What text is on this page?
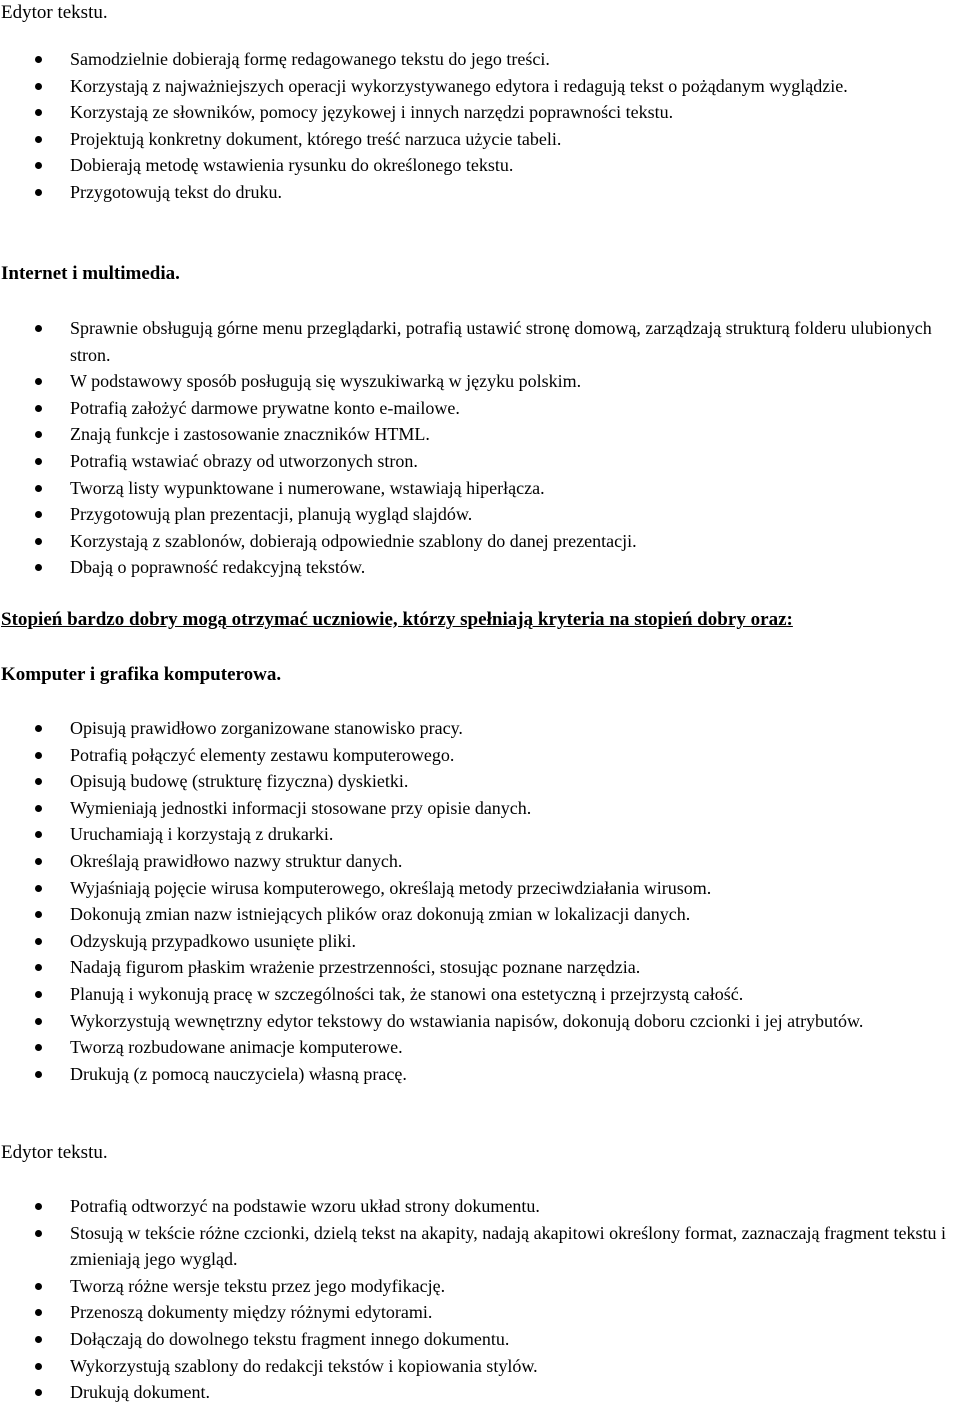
Edytor tekstu.
Samodzielnie dobierają formę redagowanego tekstu do jego treści.
Korzystają z najważniejszych operacji wykorzystywanego edytora i redagują tekst o pożądanym wyglądzie.
Korzystają ze słowników, pomocy językowej i innych narzędzi poprawności tekstu.
Projektują konkretny dokument, którego treść narzuca użycie tabeli.
Dobierają metodę wstawienia rysunku do określonego tekstu.
Przygotowują tekst do druku.
Internet i multimedia.
Sprawnie obsługują górne menu przeglądarki, potrafią ustawić stronę domową, zarządzają strukturą folderu ulubionych stron.
W podstawowy sposób posługują się wyszukiwarką w języku polskim.
Potrafią założyć darmowe prywatne konto e-mailowe.
Znają funkcje i zastosowanie znaczników HTML.
Potrafią wstawiać obrazy od utworzonych stron.
Tworzą listy wypunktowane i numerowane, wstawiają hiperłącza.
Przygotowują plan prezentacji, planują wygląd slajdów.
Korzystają z szablonów, dobierają odpowiednie szablony do danej prezentacji.
Dbają o poprawność redakcyjną tekstów.
Stopień bardzo dobry mogą otrzymać uczniowie, którzy spełniają kryteria na stopień dobry oraz:
Komputer i grafika komputerowa.
Opisują prawidłowo zorganizowane stanowisko pracy.
Potrafią połączyć elementy zestawu komputerowego.
Opisują budowę (strukturę fizyczna) dyskietki.
Wymieniają jednostki informacji stosowane przy opisie danych.
Uruchamiają i korzystają z drukarki.
Określają prawidłowo nazwy struktur danych.
Wyjaśniają pojęcie wirusa komputerowego, określają metody przeciwdziałania wirusom.
Dokonują zmian nazw istniejących plików oraz dokonują zmian w lokalizacji danych.
Odzyskują przypadkowo usunięte pliki.
Nadają figurom płaskim wrażenie przestrzenności, stosując poznane narzędzia.
Planują i wykonują pracę w szczególności tak, że stanowi ona estetyczną i przejrzystą całość.
Wykorzystują wewnętrzny edytor tekstowy do wstawiania napisów, dokonują doboru czcionki i jej atrybutów.
Tworzą rozbudowane animacje komputerowe.
Drukują (z pomocą nauczyciela) własną pracę.
Edytor tekstu.
Potrafią odtworzyć na podstawie wzoru układ strony dokumentu.
Stosują w tekście różne czcionki, dzielą tekst na akapity, nadają akapitowi określony format, zaznaczają fragment tekstu i zmieniają jego wygląd.
Tworzą różne wersje tekstu przez jego modyfikację.
Przenoszą dokumenty między różnymi edytorami.
Dołączają do dowolnego tekstu fragment innego dokumentu.
Wykorzystują szablony do redakcji tekstów i kopiowania stylów.
Drukują dokument.
